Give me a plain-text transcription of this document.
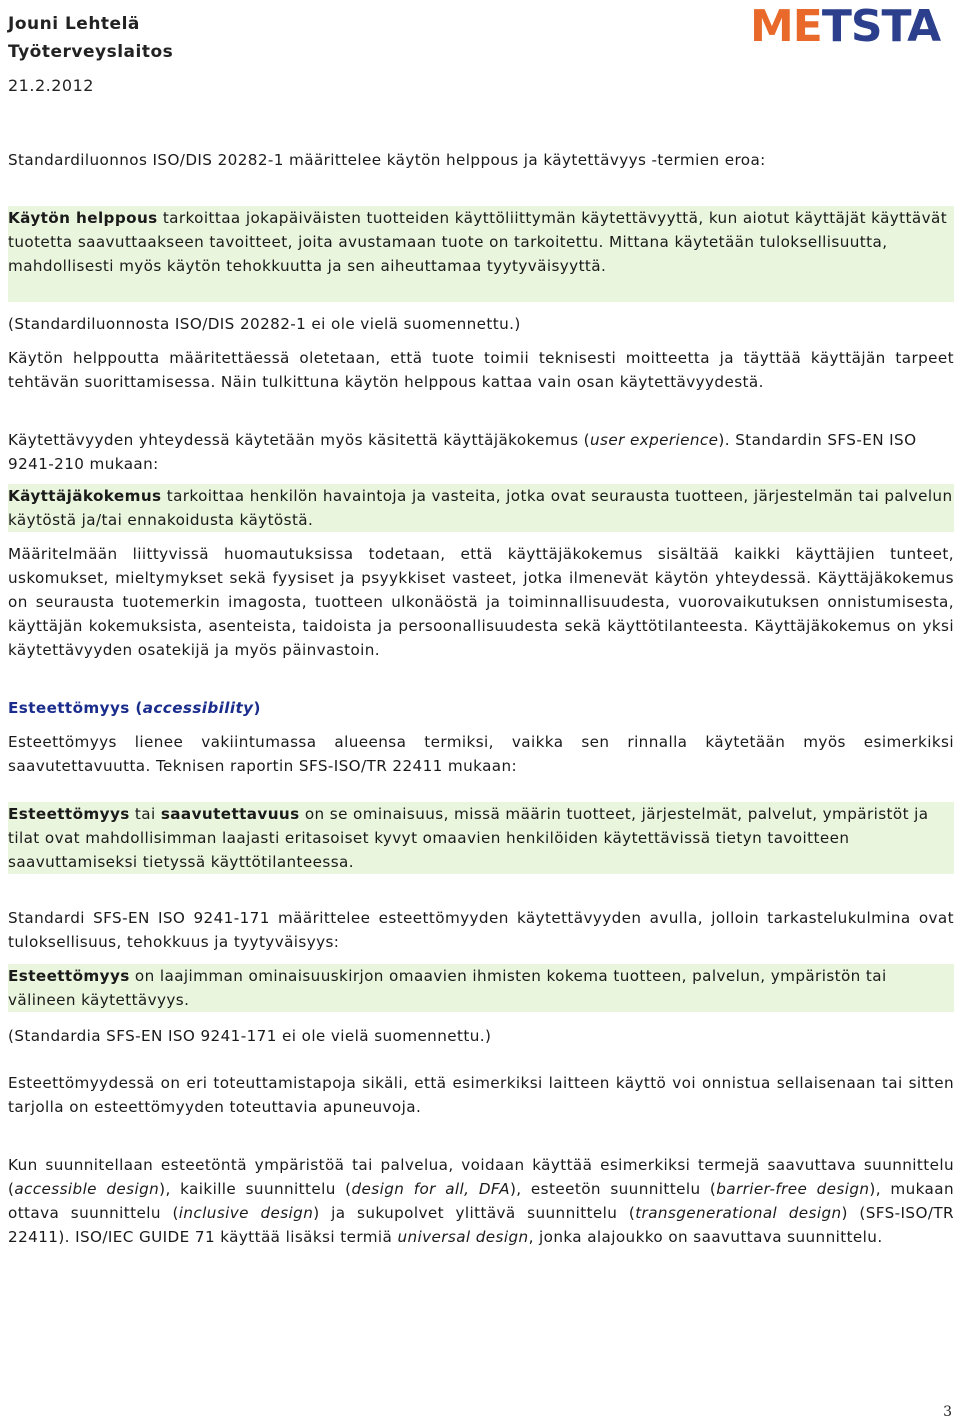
Jouni Lehtelä
Työterveyslaitos
21.2.2012
METSTA
Standardiluonnos ISO/DIS 20282-1 määrittelee käytön helppous ja käytettävyys -termien eroa:
Käytön helppous tarkoittaa jokapäiväisten tuotteiden käyttöliittymän käytettävyyttä, kun aiotut käyttäjät käyttävät tuotetta saavuttaakseen tavoitteet, joita avustamaan tuote on tarkoitettu. Mittana käytetään tuloksellisuutta, mahdollisesti myös käytön tehokkuutta ja sen aiheuttamaa tyytyväisyyttä.
(Standardiluonnosta ISO/DIS 20282-1 ei ole vielä suomennettu.)
Käytön helppoutta määritettäessä oletetaan, että tuote toimii teknisesti moitteetta ja täyttää käyttäjän tarpeet tehtävän suorittamisessa. Näin tulkittuna käytön helppous kattaa vain osan käytettävyydestä.
Käytettävyyden yhteydessä käytetään myös käsitettä käyttäjäkokemus (user experience). Standardin SFS-EN ISO 9241-210 mukaan:
Käyttäjäkokemus tarkoittaa henkilön havaintoja ja vasteita, jotka ovat seurausta tuotteen, järjestelmän tai palvelun käytöstä ja/tai ennakoidusta käytöstä.
Määritelmään liittyvissä huomautuksissa todetaan, että käyttäjäkokemus sisältää kaikki käyttäjien tunteet, uskomukset, mieltymykset sekä fyysiset ja psyykkiset vasteet, jotka ilmenevät käytön yhteydessä. Käyttäjäkokemus on seurausta tuotemerkin imagosta, tuotteen ulkonäöstä ja toiminnallisuudesta, vuorovaikutuksen onnistumisesta, käyttäjän kokemuksista, asenteista, taidoista ja persoonallisuudesta sekä käyttötilanteesta. Käyttäjäkokemus on yksi käytettävyyden osatekijä ja myös päinvastoin.
Esteettömyys (accessibility)
Esteettömyys lienee vakiintumassa alueensa termiksi, vaikka sen rinnalla käytetään myös esimerkiksi saavutettavuutta. Teknisen raportin SFS-ISO/TR 22411 mukaan:
Esteettömyys tai saavutettavuus on se ominaisuus, missä määrin tuotteet, järjestelmät, palvelut, ympäristöt ja tilat ovat mahdollisimman laajasti eritasoiset kyvyt omaavien henkilöiden käytettävissä tietyn tavoitteen saavuttamiseksi tietyssä käyttötilanteessa.
Standardi SFS-EN ISO 9241-171 määrittelee esteettömyyden käytettävyyden avulla, jolloin tarkastelukulmina ovat tuloksellisuus, tehokkuus ja tyytyväisyys:
Esteettömyys on laajimman ominaisuuskirjon omaavien ihmisten kokema tuotteen, palvelun, ympäristön tai välineen käytettävyys.
(Standardia SFS-EN ISO 9241-171 ei ole vielä suomennettu.)
Esteettömyydessä on eri toteuttamistapoja sikäli, että esimerkiksi laitteen käyttö voi onnistua sellaisenaan tai sitten tarjolla on esteettömyyden toteuttavia apuneuvoja.
Kun suunnitellaan esteetöntä ympäristöä tai palvelua, voidaan käyttää esimerkiksi termejä saavuttava suunnittelu (accessible design), kaikille suunnittelu (design for all, DFA), esteetön suunnittelu (barrier-free design), mukaan ottava suunnittelu (inclusive design) ja sukupolvet ylittävä suunnittelu (transgenerational design) (SFS-ISO/TR 22411). ISO/IEC GUIDE 71 käyttää lisäksi termiä universal design, jonka alajoukko on saavuttava suunnittelu.
3
